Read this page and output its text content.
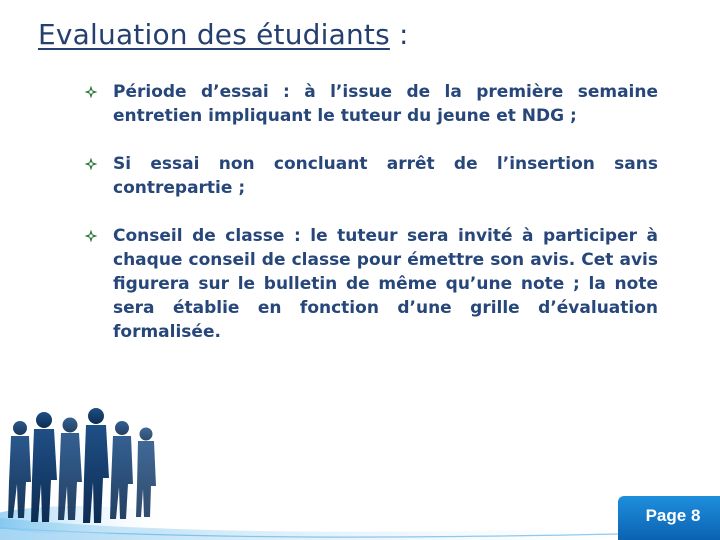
Evaluation des étudiants :
Période d’essai : à l’issue de la première semaine entretien impliquant le tuteur du jeune et NDG ;
Si essai non concluant arrêt de l’insertion sans contrepartie ;
Conseil de classe : le tuteur sera invité à participer à chaque conseil de classe pour émettre son avis. Cet avis figurera sur le bulletin de même qu’une note ; la note sera établie en fonction d’une grille d’évaluation formalisée.
Page 8
